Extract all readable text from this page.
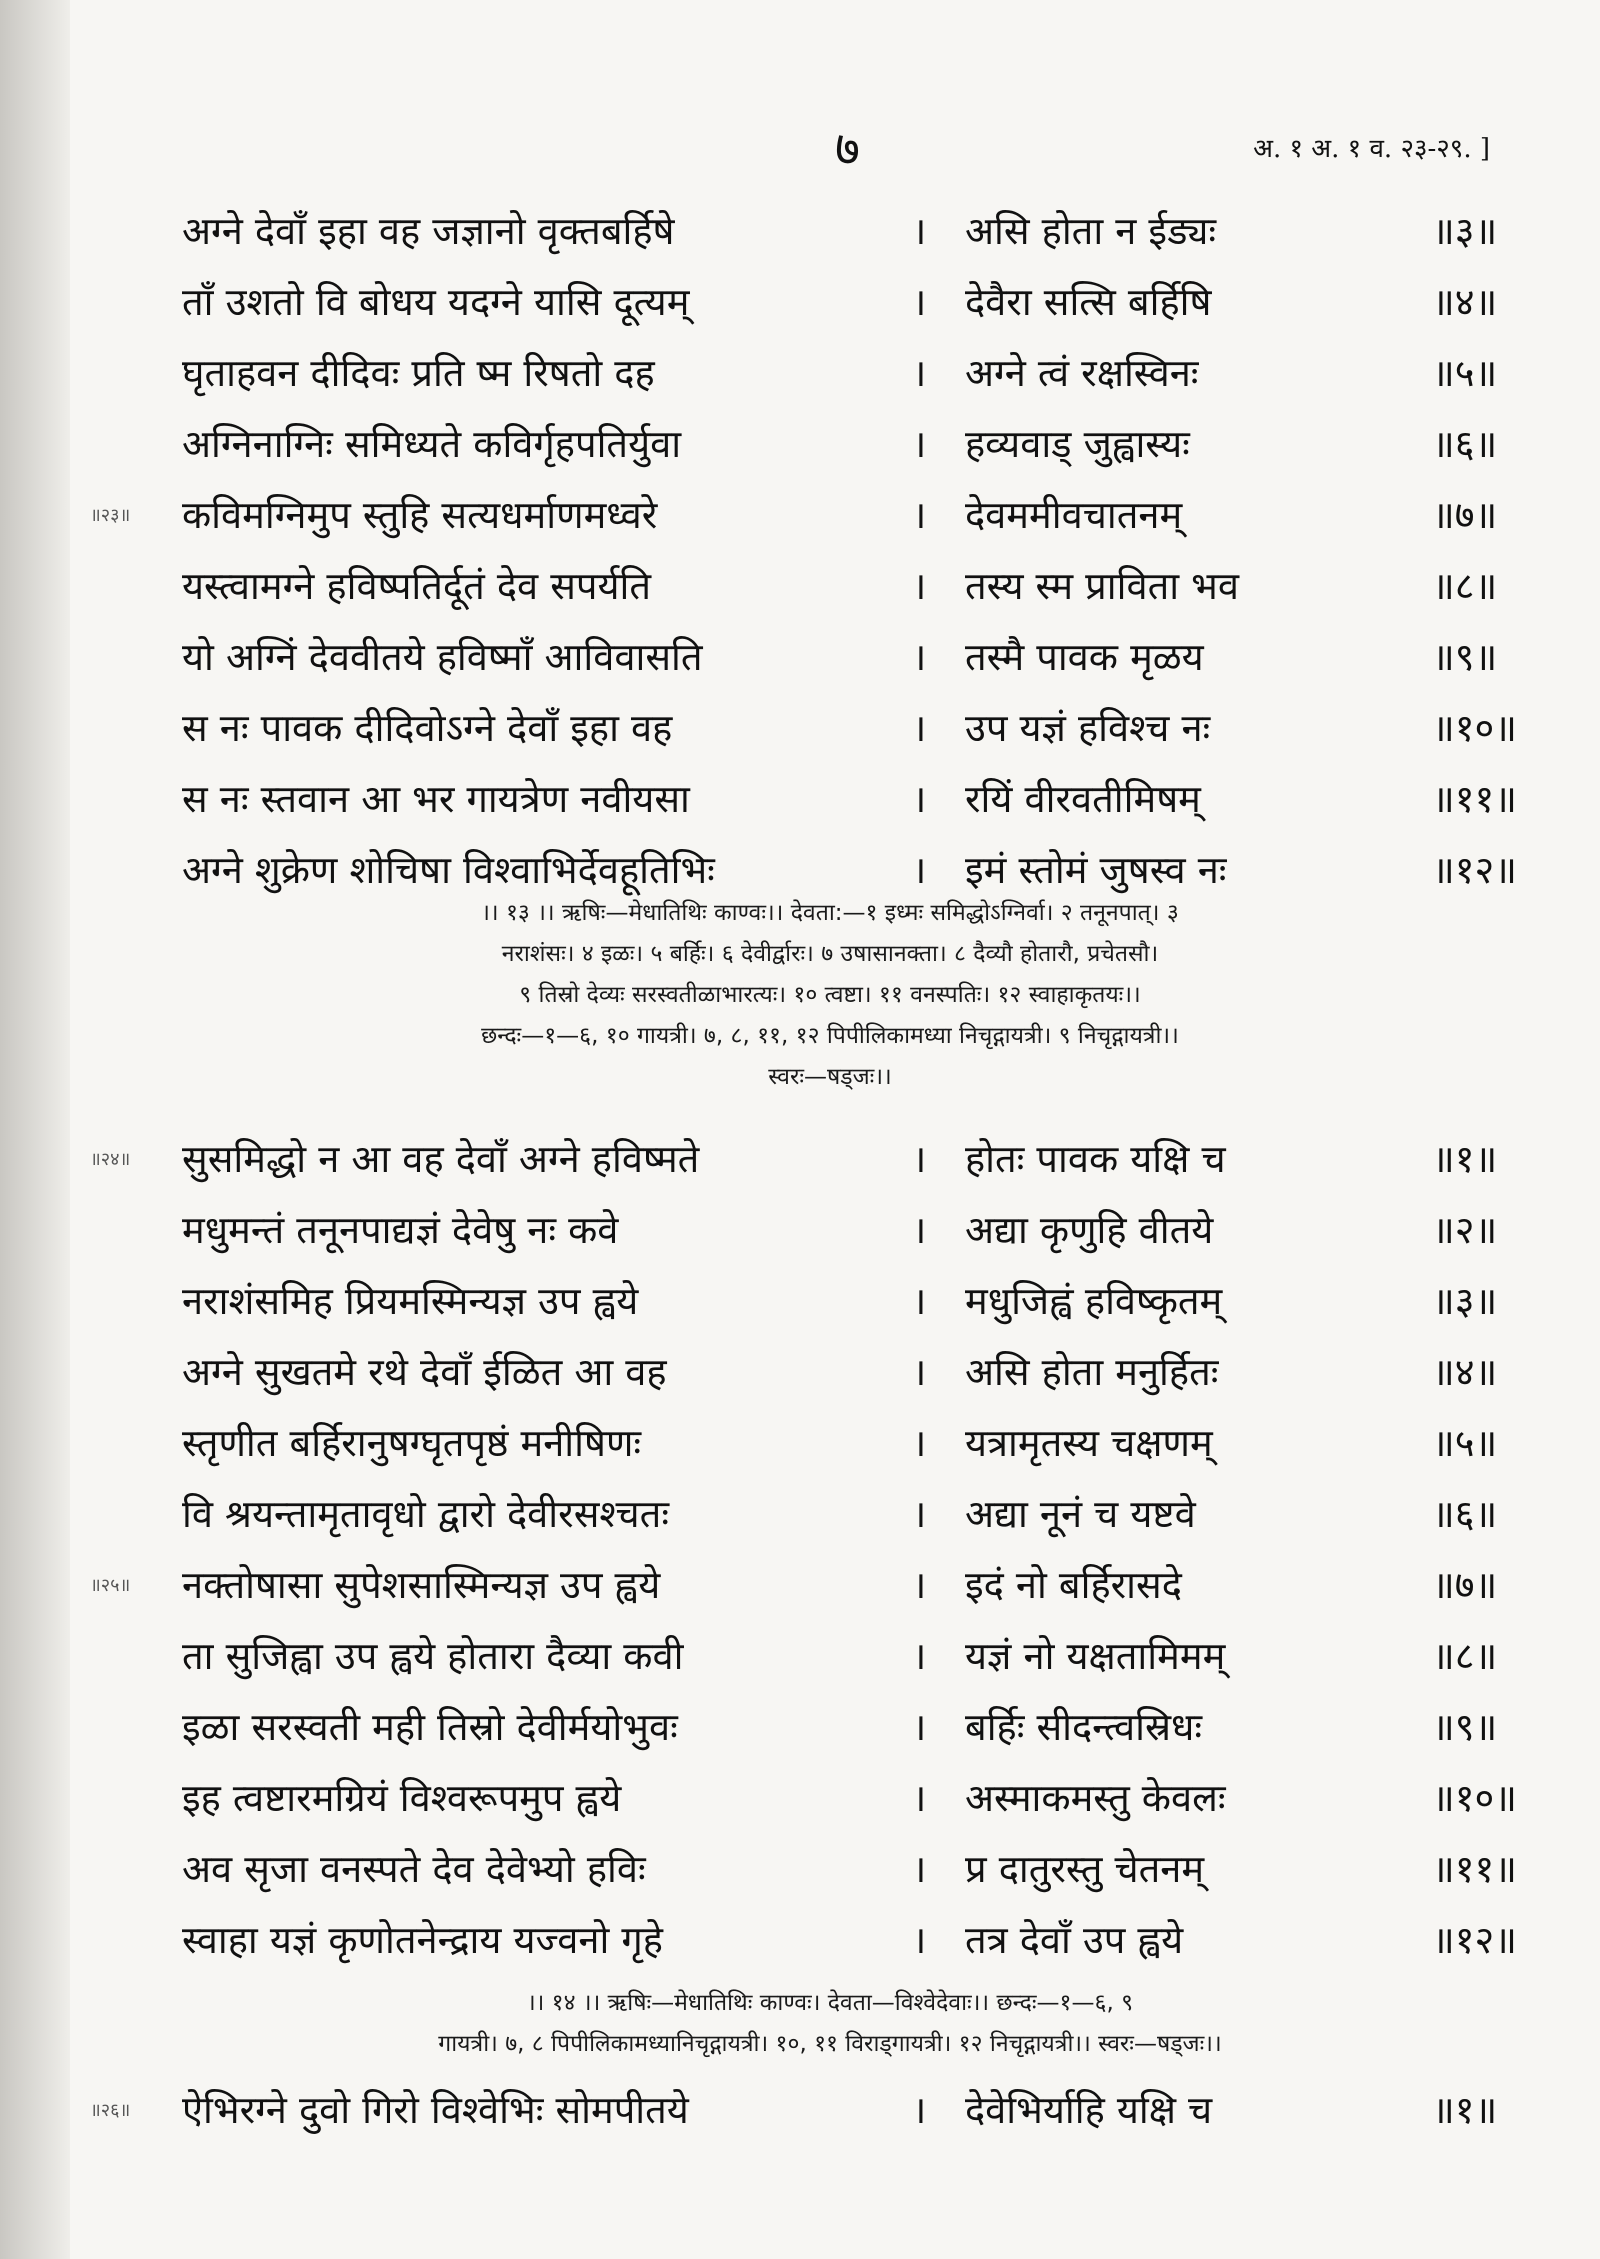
७	अ. १ अ. १ व. २३-२९. ]
अग्ने देवाँ इहा वह जज्ञानो वृक्तबर्हिषे	। असि होता न ईड्यः	॥३॥
ताँ उशतो वि बोधय यदग्ने यासि दूत्यम्	। देवैरा सत्सि बर्हिषि	॥४॥
घृताहवन दीदिवः प्रति ष्म रिषतो दह	। अग्ने त्वं रक्षस्विनः	॥५॥
अग्निनाग्निः समिध्यते कविर्गृहपतिर्युवा	। हव्यवाड् जुह्वास्यः	॥६॥
॥२३॥ कविमग्निमुप स्तुहि सत्यधर्माणमध्वरे	। देवममीवचातनम्	॥७॥
यस्त्वामग्ने हविष्पतिर्दूतं देव सपर्यति	। तस्य स्म प्राविता भव	॥८॥
यो अग्निं देववीतये हविष्माँ आविवासति	। तस्मै पावक मृळय	॥९॥
स नः पावक दीदिवोऽग्ने देवाँ इहा वह	। उप यज्ञं हविश्च नः	॥१०॥
स नः स्तवान आ भर गायत्रेण नवीयसा	। रयिं वीरवतीमिषम्	॥११॥
अग्ने शुक्रेण शोचिषा विश्वाभिर्देवहूतिभिः	। इमं स्तोमं जुषस्व नः	॥१२॥
।। १३ ।। ऋषिः—मेधातिथिः काण्वः।। देवता:—१ इध्मः समिद्धोऽग्निर्वा। २ तनूनपात्। ३
नराशंसः। ४ इळः। ५ बर्हिः। ६ देवीर्द्वारः। ७ उषासानक्ता। ८ दैव्यौ होतारौ, प्रचेतसौ।
९ तिस्रो देव्यः सरस्वतीळाभारत्यः। १० त्वष्टा। ११ वनस्पतिः। १२ स्वाहाकृतयः।।
छन्दः—१—६, १० गायत्री। ७, ८, ११, १२ पिपीलिकामध्या निचृद्गायत्री। ९ निचृद्गायत्री।।
स्वरः—षड्जः।।
॥२४॥ सुसमिद्धो न आ वह देवाँ अग्ने हविष्मते	। होतः पावक यक्षि च	॥१॥
मधुमन्तं तनूनपाद्यज्ञं देवेषु नः कवे	। अद्या कृणुहि वीतये	॥२॥
नराशंसमिह प्रियमस्मिन्यज्ञ उप ह्वये	। मधुजिह्वं हविष्कृतम्	॥३॥
अग्ने सुखतमे रथे देवाँ ईळित आ वह	। असि होता मनुर्हितः	॥४॥
स्तृणीत बर्हिरानुषग्घृतपृष्ठं मनीषिणः	। यत्रामृतस्य चक्षणम्	॥५॥
वि श्रयन्तामृतावृधो द्वारो देवीरसश्चतः	। अद्या नूनं च यष्टवे	॥६॥
॥२५॥ नक्तोषासा सुपेशसास्मिन्यज्ञ उप ह्वये	। इदं नो बर्हिरासदे	॥७॥
ता सुजिह्वा उप ह्वये होतारा दैव्या कवी	। यज्ञं नो यक्षतामिमम्	॥८॥
इळा सरस्वती मही तिस्रो देवीर्मयोभुवः	। बर्हिः सीदन्त्वस्रिधः	॥९॥
इह त्वष्टारमग्रियं विश्वरूपमुप ह्वये	। अस्माकमस्तु केवलः	॥१०॥
अव सृजा वनस्पते देव देवेभ्यो हविः	। प्र दातुरस्तु चेतनम्	॥११॥
स्वाहा यज्ञं कृणोतनेन्द्राय यज्वनो गृहे	। तत्र देवाँ उप ह्वये	॥१२॥
।। १४ ।। ऋषिः—मेधातिथिः काण्वः। देवता—विश्वेदेवाः।। छन्दः—१—६, ९
गायत्री। ७, ८ पिपीलिकामध्यानिचृद्गायत्री। १०, ११ विराड्गायत्री। १२ निचृद्गायत्री।। स्वरः—षड्जः।।
॥२६॥ ऐभिरग्ने दुवो गिरो विश्वेभिः सोमपीतये	। देवेभिर्याहि यक्षि च	॥१॥
